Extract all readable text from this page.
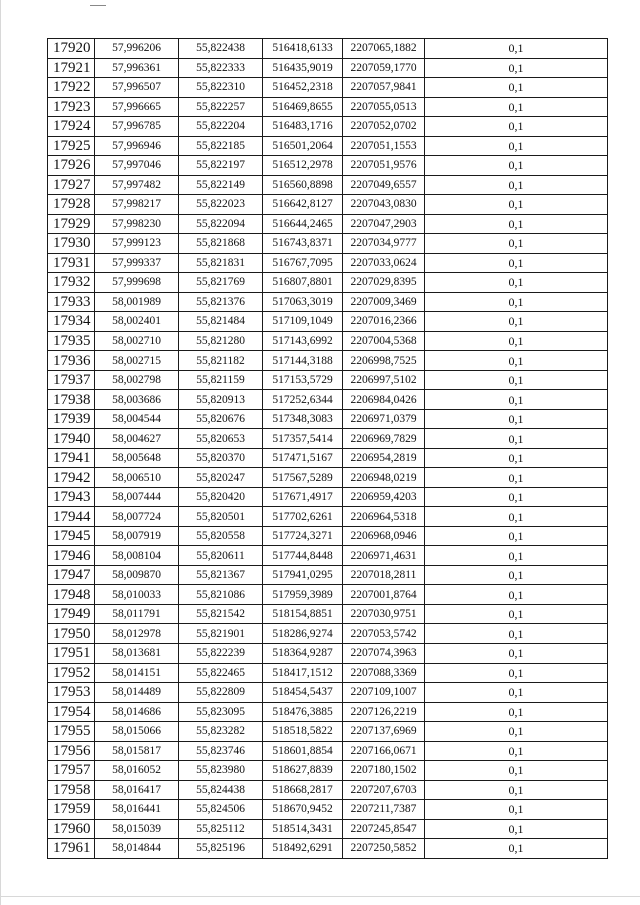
17920	57,996206	55,822438	516418,6133	2207065,1882	0,1
17921	57,996361	55,822333	516435,9019	2207059,1770	0,1
17922	57,996507	55,822310	516452,2318	2207057,9841	0,1
17923	57,996665	55,822257	516469,8655	2207055,0513	0,1
17924	57,996785	55,822204	516483,1716	2207052,0702	0,1
17925	57,996946	55,822185	516501,2064	2207051,1553	0,1
17926	57,997046	55,822197	516512,2978	2207051,9576	0,1
17927	57,997482	55,822149	516560,8898	2207049,6557	0,1
17928	57,998217	55,822023	516642,8127	2207043,0830	0,1
17929	57,998230	55,822094	516644,2465	2207047,2903	0,1
17930	57,999123	55,821868	516743,8371	2207034,9777	0,1
17931	57,999337	55,821831	516767,7095	2207033,0624	0,1
17932	57,999698	55,821769	516807,8801	2207029,8395	0,1
17933	58,001989	55,821376	517063,3019	2207009,3469	0,1
17934	58,002401	55,821484	517109,1049	2207016,2366	0,1
17935	58,002710	55,821280	517143,6992	2207004,5368	0,1
17936	58,002715	55,821182	517144,3188	2206998,7525	0,1
17937	58,002798	55,821159	517153,5729	2206997,5102	0,1
17938	58,003686	55,820913	517252,6344	2206984,0426	0,1
17939	58,004544	55,820676	517348,3083	2206971,0379	0,1
17940	58,004627	55,820653	517357,5414	2206969,7829	0,1
17941	58,005648	55,820370	517471,5167	2206954,2819	0,1
17942	58,006510	55,820247	517567,5289	2206948,0219	0,1
17943	58,007444	55,820420	517671,4917	2206959,4203	0,1
17944	58,007724	55,820501	517702,6261	2206964,5318	0,1
17945	58,007919	55,820558	517724,3271	2206968,0946	0,1
17946	58,008104	55,820611	517744,8448	2206971,4631	0,1
17947	58,009870	55,821367	517941,0295	2207018,2811	0,1
17948	58,010033	55,821086	517959,3989	2207001,8764	0,1
17949	58,011791	55,821542	518154,8851	2207030,9751	0,1
17950	58,012978	55,821901	518286,9274	2207053,5742	0,1
17951	58,013681	55,822239	518364,9287	2207074,3963	0,1
17952	58,014151	55,822465	518417,1512	2207088,3369	0,1
17953	58,014489	55,822809	518454,5437	2207109,1007	0,1
17954	58,014686	55,823095	518476,3885	2207126,2219	0,1
17955	58,015066	55,823282	518518,5822	2207137,6969	0,1
17956	58,015817	55,823746	518601,8854	2207166,0671	0,1
17957	58,016052	55,823980	518627,8839	2207180,1502	0,1
17958	58,016417	55,824438	518668,2817	2207207,6703	0,1
17959	58,016441	55,824506	518670,9452	2207211,7387	0,1
17960	58,015039	55,825112	518514,3431	2207245,8547	0,1
17961	58,014844	55,825196	518492,6291	2207250,5852	0,1
